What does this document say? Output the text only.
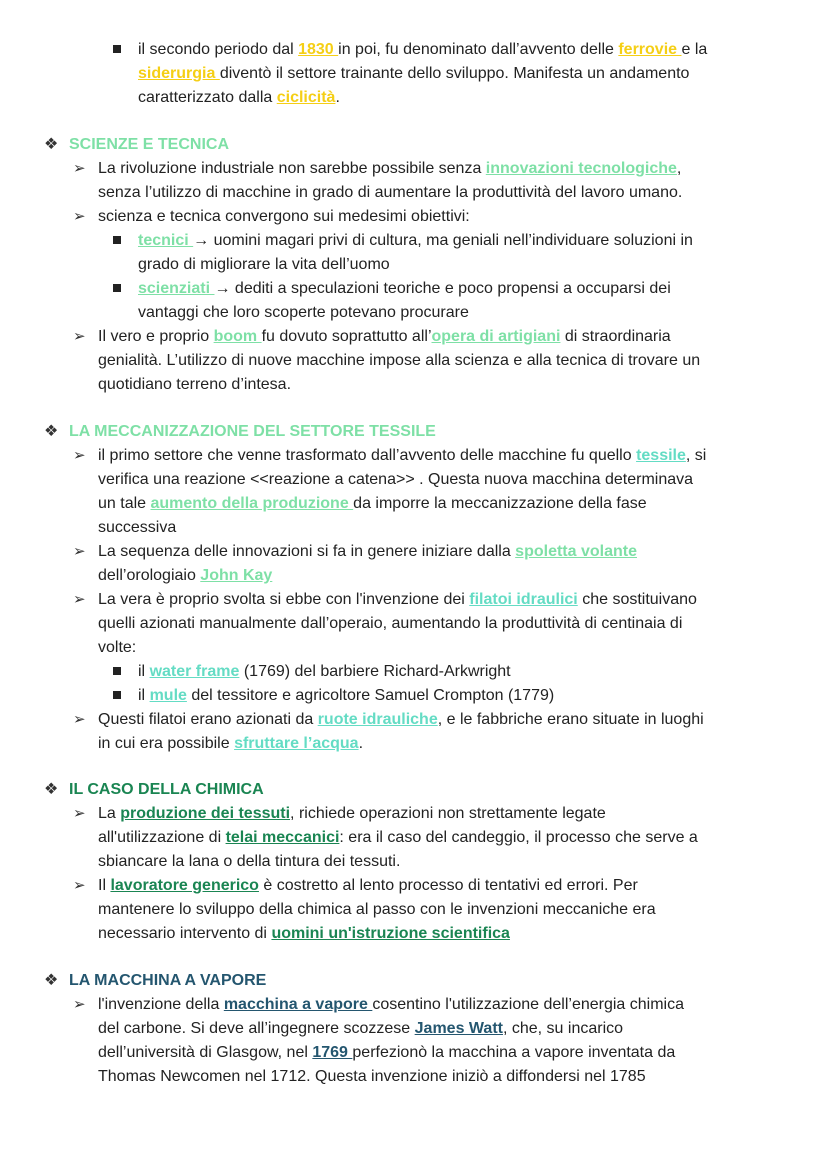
il secondo periodo dal 1830 in poi, fu denominato dall’avvento delle ferrovie e la
siderurgia diventò il settore trainante dello sviluppo. Manifesta un andamento
caratterizzato dalla ciclicità.
❖ SCIENZE E TECNICA
➢ La rivoluzione industriale non sarebbe possibile senza innovazioni tecnologiche,
senza l’utilizzo di macchine in grado di aumentare la produttività del lavoro umano.
➢ scienza e tecnica convergono sui medesimi obiettivi:
tecnici → uomini magari privi di cultura, ma geniali nell’individuare soluzioni in
grado di migliorare la vita dell’uomo
scienziati → dediti a speculazioni teoriche e poco propensi a occuparsi dei
vantaggi che loro scoperte potevano procurare
➢ Il vero e proprio boom fu dovuto soprattutto all’opera di artigiani di straordinaria
genialità. L’utilizzo di nuove macchine impose alla scienza e alla tecnica di trovare un
quotidiano terreno d’intesa.
❖ LA MECCANIZZAZIONE DEL SETTORE TESSILE
➢ il primo settore che venne trasformato dall’avvento delle macchine fu quello tessile, si
verifica una reazione <<reazione a catena>> . Questa nuova macchina determinava
un tale aumento della produzione da imporre la meccanizzazione della fase
successiva
➢ La sequenza delle innovazioni si fa in genere iniziare dalla spoletta volante
dell’orologiaio John Kay
➢ La vera è proprio svolta si ebbe con l'invenzione dei filatoi idraulici che sostituivano
quelli azionati manualmente dall’operaio, aumentando la produttività di centinaia di
volte:
il water frame (1769) del barbiere Richard-Arkwright
il mule del tessitore e agricoltore Samuel Crompton (1779)
➢ Questi filatoi erano azionati da ruote idrauliche, e le fabbriche erano situate in luoghi
in cui era possibile sfruttare l’acqua.
❖ IL CASO DELLA CHIMICA
➢ La produzione dei tessuti, richiede operazioni non strettamente legate
all'utilizzazione di telai meccanici: era il caso del candeggio, il processo che serve a
sbiancare la lana o della tintura dei tessuti.
➢ Il lavoratore generico è costretto al lento processo di tentativi ed errori. Per
mantenere lo sviluppo della chimica al passo con le invenzioni meccaniche era
necessario intervento di uomini un'istruzione scientifica
❖ LA MACCHINA A VAPORE
➢ l'invenzione della macchina a vapore cosentino l'utilizzazione dell’energia chimica
del carbone. Si deve all’ingegnere scozzese James Watt, che, su incarico
dell’università di Glasgow, nel 1769 perfezionò la macchina a vapore inventata da
Thomas Newcomen nel 1712. Questa invenzione iniziò a diffondersi nel 1785
